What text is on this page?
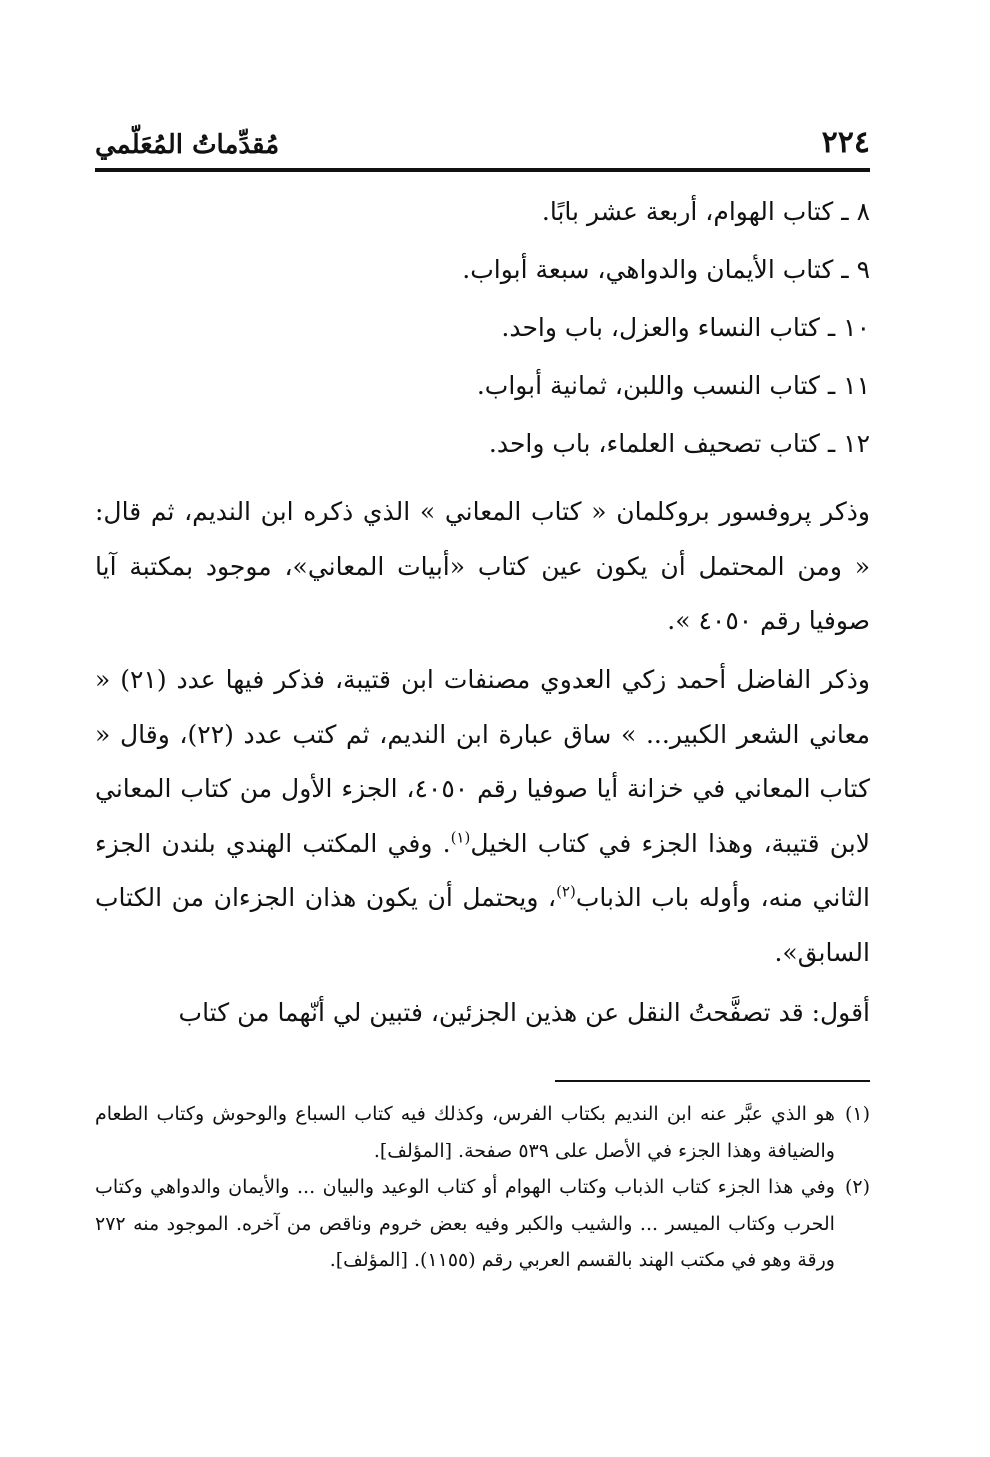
٢٢٤
مُقدِّماتُ المُعَلّمي
٨ ـ كتاب الهوام، أربعة عشر بابًا.
٩ ـ كتاب الأيمان والدواهي، سبعة أبواب.
١٠ ـ كتاب النساء والعزل، باب واحد.
١١ ـ كتاب النسب واللبن، ثمانية أبواب.
١٢ ـ كتاب تصحيف العلماء، باب واحد.

وذكر پروفسور بروكلمان « كتاب المعاني » الذي ذكره ابن النديم، ثم قال: « ومن المحتمل أن يكون عين كتاب «أبيات المعاني»، موجود بمكتبة آيا صوفيا رقم ٤٠٥٠ ».

وذكر الفاضل أحمد زكي العدوي مصنفات ابن قتيبة، فذكر فيها عدد (٢١) « معاني الشعر الكبير... » ساق عبارة ابن النديم، ثم كتب عدد (٢٢)، وقال « كتاب المعاني في خزانة أيا صوفيا رقم ٤٠٥٠، الجزء الأول من كتاب المعاني لابن قتيبة، وهذا الجزء في كتاب الخيل$^{(١)}$. وفي المكتب الهندي بلندن الجزء الثاني منه، وأوله باب الذباب$^{(٢)}$، ويحتمل أن يكون هذان الجزءان من الكتاب السابق».

أقول: قد تصفَّحتُ النقل عن هذين الجزئين، فتبين لي أنّهما من كتاب

(١)
هو الذي عبَّر عنه ابن النديم بكتاب الفرس، وكذلك فيه كتاب السباع والوحوش وكتاب الطعام والضيافة وهذا الجزء في الأصل على ٥٣٩ صفحة. [المؤلف].
(٢)
وفي هذا الجزء كتاب الذباب وكتاب الهوام أو كتاب الوعيد والبيان ... والأيمان والدواهي وكتاب الحرب وكتاب الميسر ... والشيب والكبر وفيه بعض خروم وناقص من آخره. الموجود منه ٢٧٢ ورقة وهو في مكتب الهند بالقسم العربي رقم (١١٥٥). [المؤلف].
